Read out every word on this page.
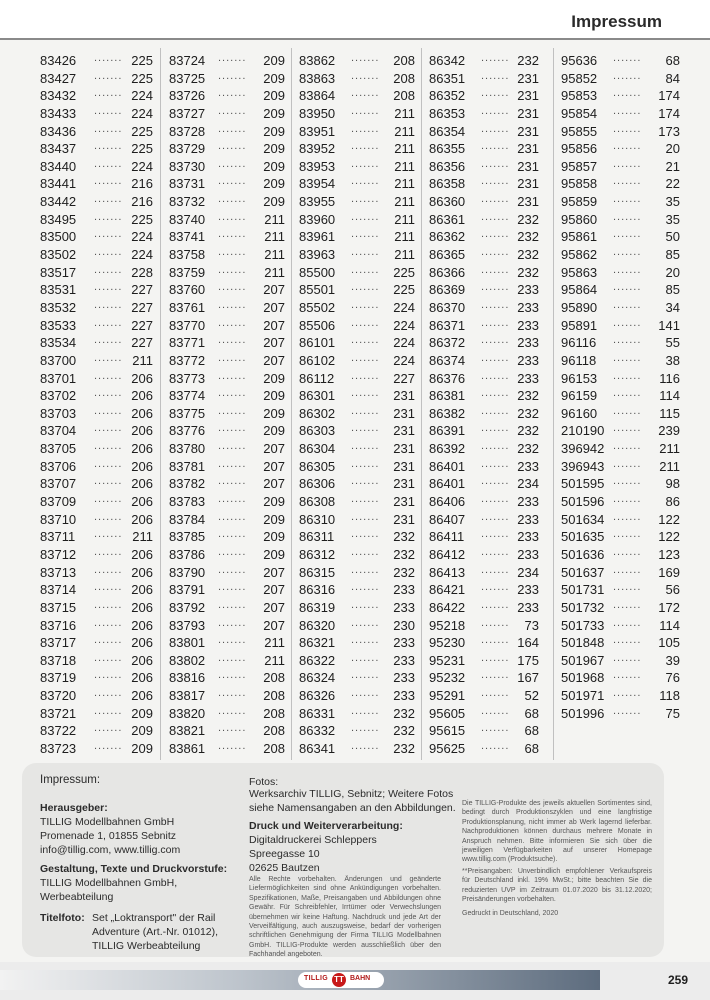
Impressum
83426 ....... 225
83427 ....... 225
83432 ....... 224
83433 ....... 224
83436 ....... 225
83437 ....... 225
83440 ....... 224
83441 ....... 216
83442 ....... 216
83495 ....... 225
83500 ....... 224
83502 ....... 224
83517 ....... 228
83531 ....... 227
83532 ....... 227
83533 ....... 227
83534 ....... 227
83700 ....... 211
83701 ....... 206
83702 ....... 206
83703 ....... 206
83704 ....... 206
83705 ....... 206
83706 ....... 206
83707 ....... 206
83709 ....... 206
83710 ....... 206
83711 ....... 211
83712 ....... 206
83713 ....... 206
83714 ....... 206
83715 ....... 206
83716 ....... 206
83717 ....... 206
83718 ....... 206
83719 ....... 206
83720 ....... 206
83721 ....... 209
83722 ....... 209
83723 ....... 209
83724 .......	209
83725 .......	209
83726 .......	209
83727 .......	209
83728 .......	209
83729 .......	209
83730 .......	209
83731 .......	209
83732 .......	209
83740 .......	211
83741 .......	211
83758 .......	211
83759 .......	211
83760 .......	207
83761 .......	207
83770 .......	207
83771 .......	207
83772 .......	207
83773 .......	209
83774 .......	209
83775 .......	209
83776 .......	209
83780 .......	207
83781 .......	207
83782 .......	207
83783 .......	209
83784 .......	209
83785 .......	209
83786 .......	209
83790 .......	207
83791 .......	207
83792 .......	207
83793 .......	207
83801 .......	211
83802 .......	211
83816 .......	208
83817 .......	208
83820 .......	208
83821 .......	208
83861 .......	208
83862 .......	208
83863 .......	208
83864 .......	208
83950 .......	211
83951 .......	211
83952 .......	211
83953 .......	211
83954 .......	211
83955 .......	211
83960 .......	211
83961 .......	211
83963 .......	211
85500 .......	225
85501 .......	225
85502 .......	224
85506 .......	224
86101 .......	224
86102 .......	224
86112 .......	227
86301 .......	231
86302 .......	231
86303 .......	231
86304 .......	231
86305 .......	231
86306 .......	231
86308 .......	231
86310 .......	231
86311 .......	232
86312 .......	232
86315 .......	232
86316 .......	233
86319 .......	233
86320 .......	230
86321 .......	233
86322 .......	233
86324 .......	233
86326 .......	233
86331 .......	232
86332 .......	232
86341 .......	232
86342 ....... 232
86351 ....... 231
86352 ....... 231
86353 ....... 231
86354 ....... 231
86355 ....... 231
86356 ....... 231
86358 ....... 231
86360 ....... 231
86361 ....... 232
86362 ....... 232
86365 ....... 232
86366 ....... 232
86369 ....... 233
86370 ....... 233
86371 ....... 233
86372 ....... 233
86374 ....... 233
86376 ....... 233
86381 ....... 232
86382 ....... 232
86391 ....... 232
86392 ....... 232
86401 ....... 233
86401 ....... 234
86406 ....... 233
86407 ....... 233
86411 ....... 233
86412 ....... 233
86413 ....... 234
86421 ....... 233
86422 ....... 233
95218 .......	73
95230 ....... 164
95231 ....... 175
95232 ....... 167
95291 .......	52
95605 .......	68
95615 .......	68
95625 .......	68
95636 .......	68
95852 .......	84
95853 .......	174
95854 .......	174
95855 .......	173
95856 .......	20
95857 .......	21
95858 .......	22
95859 .......	35
95860 .......	35
95861 .......	50
95862 .......	85
95863 .......	20
95864 .......	85
95890 .......	34
95891 .......	141
96116 .......	55
96118 .......	38
96153 .......	116
96159 .......	114
96160 .......	115
210190 .......	239
396942 .......	211
396943 .......	211
501595 .......	98
501596 .......	86
501634 .......	122
501635 .......	122
501636 .......	123
501637 .......	169
501731 .......	56
501732 .......	172
501733 .......	114
501848 .......	105
501967 .......	39
501968 .......	76
501971 .......	118
501996 .......	75
Impressum:
Herausgeber:
TILLIG Modellbahnen GmbH
Promenade 1, 01855 Sebnitz
info@tillig.com, www.tillig.com
Gestaltung, Texte und Druckvorstufe:
TILLIG Modellbahnen GmbH,
Werbeabteilung
Titelfoto: Set „Loktransport" der Rail
Adventure (Art.-Nr. 01012),
TILLIG Werbeabteilung
Fotos:
Werksarchiv TILLIG, Sebnitz; Weitere Fotos
siehe Namensangaben an den Abbildungen.
Druck und Weiterverarbeitung:
Digitaldruckerei Schleppers
Spreegasse 10
02625 Bautzen
Alle Rechte vorbehalten. Änderungen und geänderte Liefermöglichkeiten sind ohne Ankündigungen vorbehalten. Spezifikationen, Maße, Preisangaben und Abbildungen ohne Gewähr. Für Schreibfehler, Irrtümer oder Verwechslungen übernehmen wir keine Haftung. Nachdruck und jede Art der Verveilfältigung, auch auszugsweise, bedarf der vorherigen schriftlichen Genehmigung der Firma TILLIG Modellbahnen GmbH. TILLIG-Produkte werden ausschließlich über den Fachhandel angeboten.
Die TILLIG-Produkte des jeweils aktuellen Sortimentes sind, bedingt durch Produktionszyklen und eine langfristige Produktionsplanung, nicht immer ab Werk lagernd lieferbar. Nachproduktionen können durchaus mehrere Monate in Anspruch nehmen. Bitte informieren Sie sich über die jeweiligen Verfügbarkeiten auf unserer Homepage www.tillig.com (Produktsuche).
**Preisangaben: Unverbindlich empfohlener Verkaufspreis für Deutschland inkl. 19% MwSt.; bitte beachten Sie die reduzierten UVP im Zeitraum 01.07.2020 bis 31.12.2020; Preisänderungen vorbehalten.
Gedruckt in Deutschland, 2020
TILLIG TT BAHN	259
